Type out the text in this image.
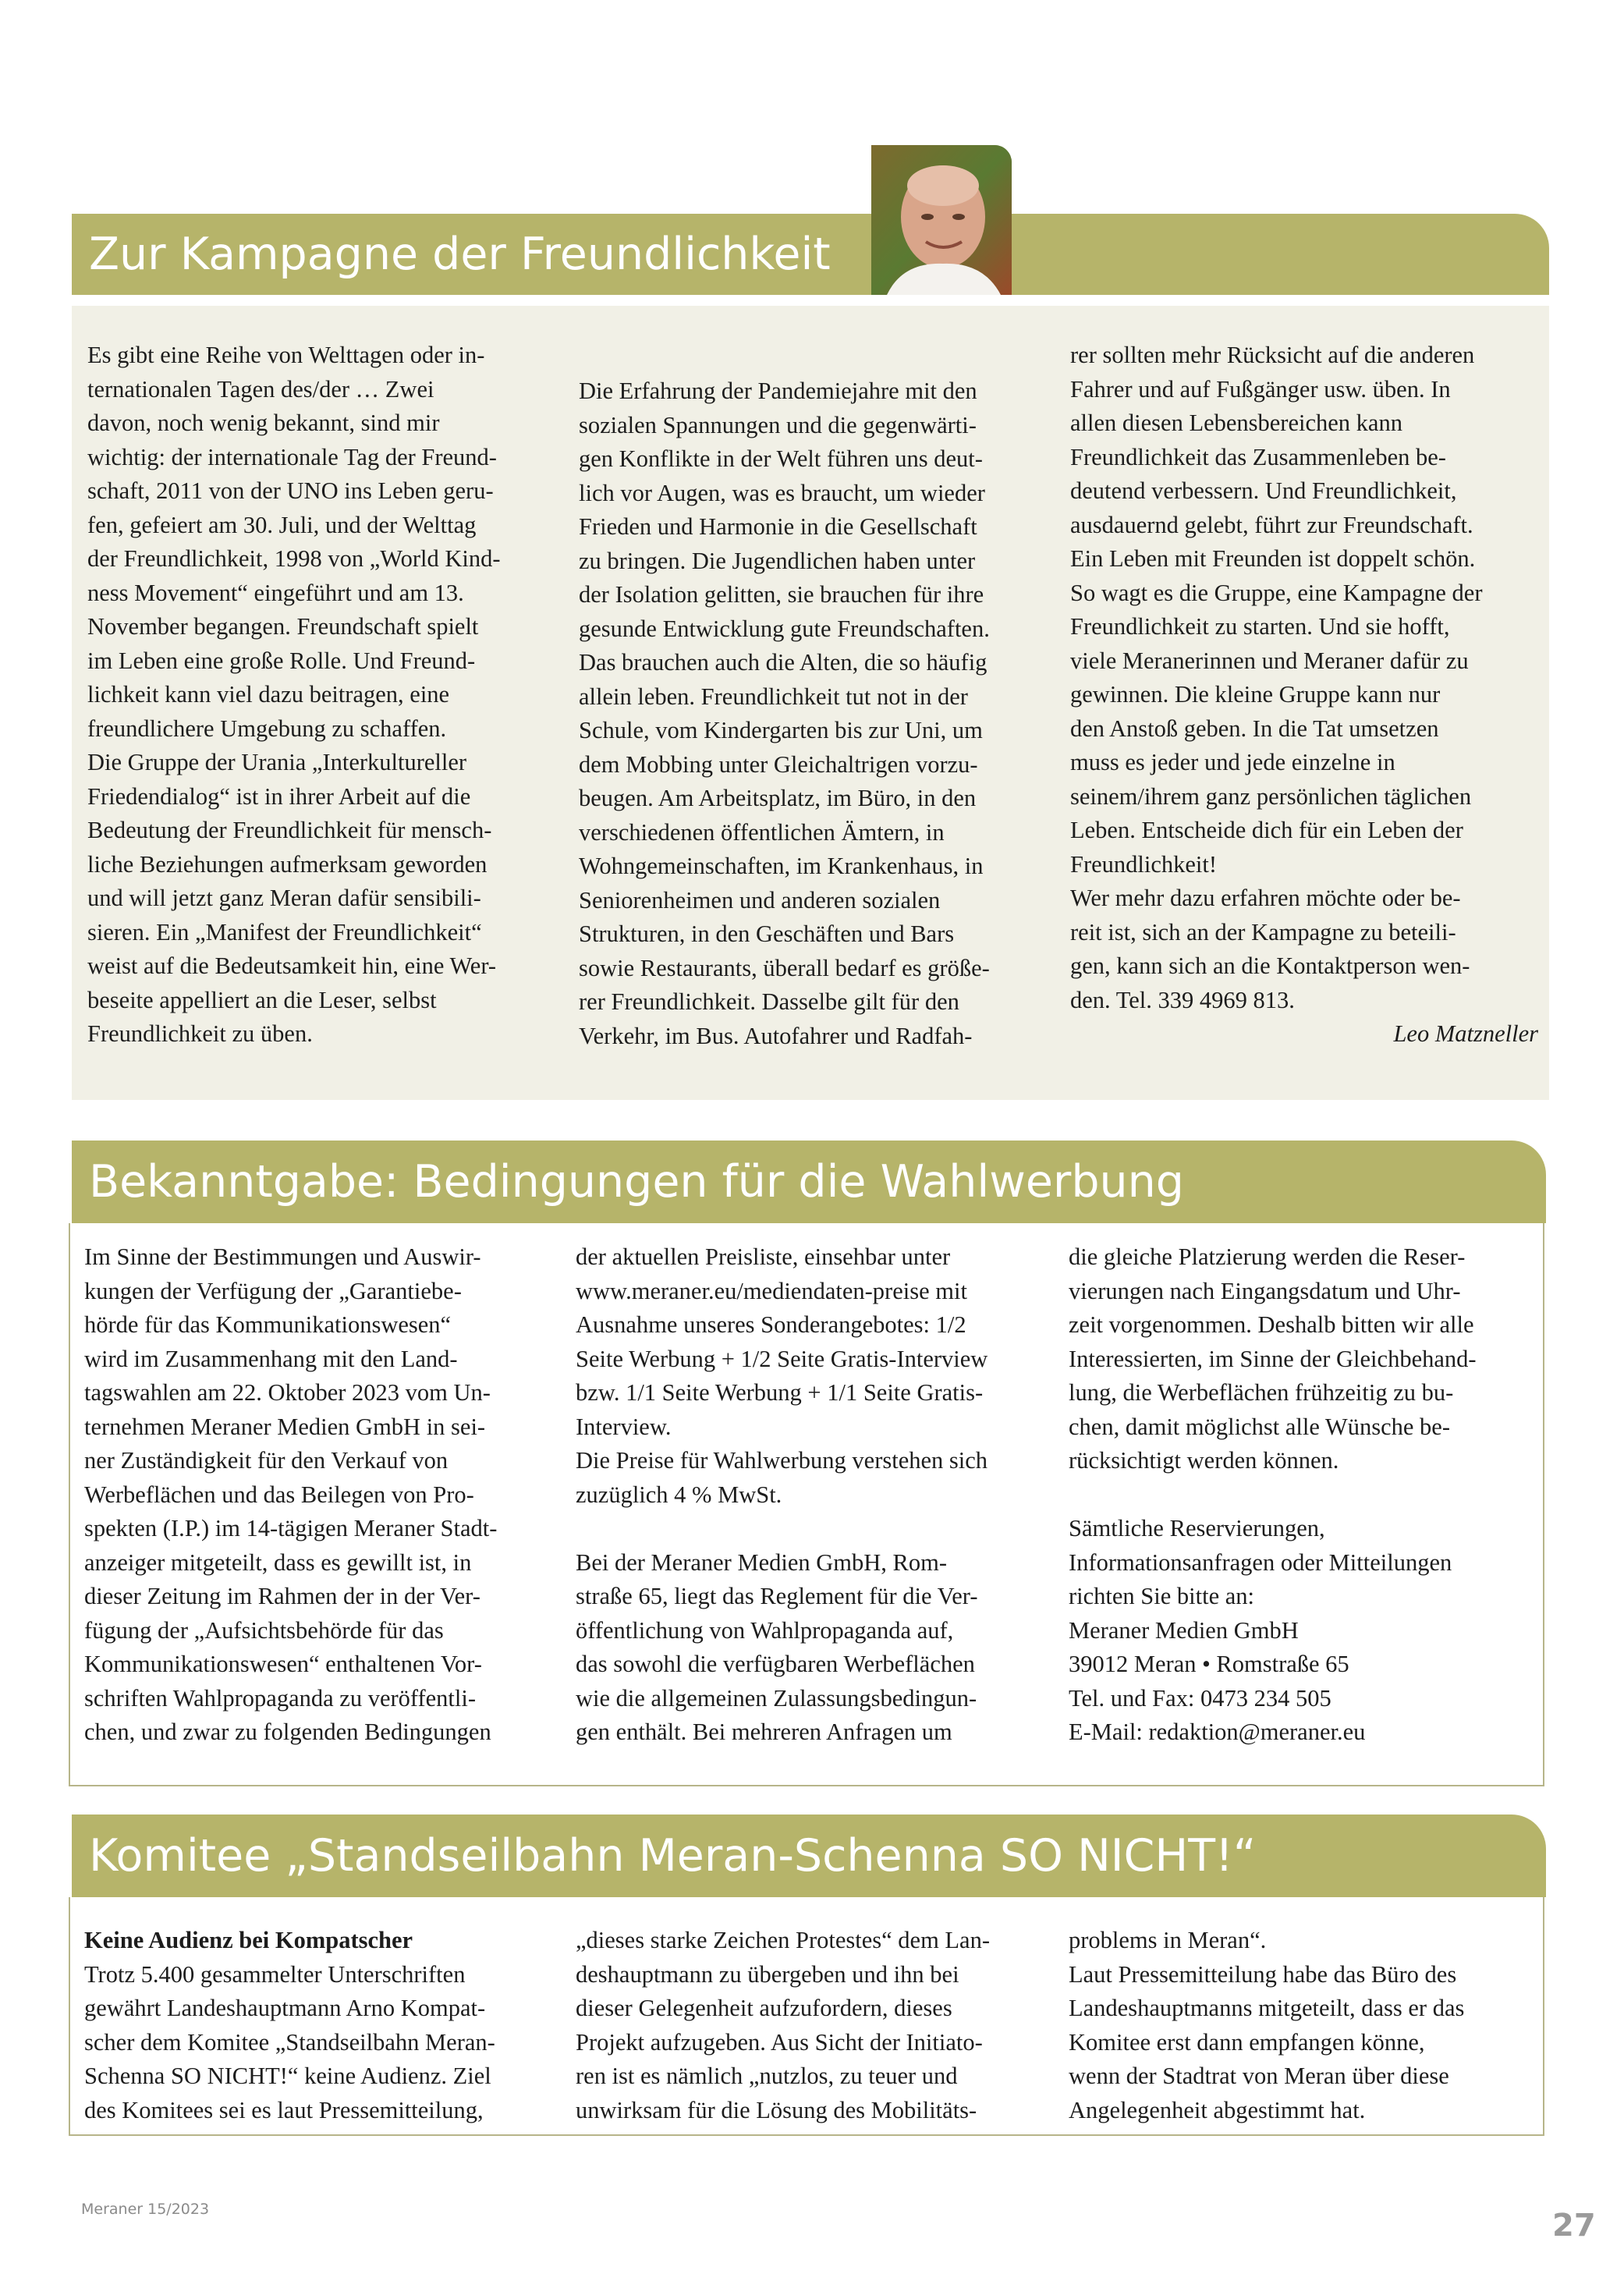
Zur Kampagne der Freundlichkeit

Es gibt eine Reihe von Welttagen oder in-

ternationalen Tagen des/der … Zwei

davon, noch wenig bekannt, sind mir

wichtig: der internationale Tag der Freund-

schaft, 2011 von der UNO ins Leben geru-

fen, gefeiert am 30. Juli, und der Welttag

der Freundlichkeit, 1998 von „World Kind-

ness Movement“ eingeführt und am 13.

November begangen. Freundschaft spielt

im Leben eine große Rolle. Und Freund-

lichkeit kann viel dazu beitragen, eine

freundlichere Umgebung zu schaffen.

Die Gruppe der Urania „Interkultureller

Friedendialog“ ist in ihrer Arbeit auf die

Bedeutung der Freundlichkeit für mensch-

liche Beziehungen aufmerksam geworden

und will jetzt ganz Meran dafür sensibili-

sieren. Ein „Manifest der Freundlichkeit“

weist auf die Bedeutsamkeit hin, eine Wer-

beseite appelliert an die Leser, selbst

Freundlichkeit zu üben.

Die Erfahrung der Pandemiejahre mit den

sozialen Spannungen und die gegenwärti-

gen Konflikte in der Welt führen uns deut-

lich vor Augen, was es braucht, um wieder

Frieden und Harmonie in die Gesellschaft

zu bringen. Die Jugendlichen haben unter

der Isolation gelitten, sie brauchen für ihre

gesunde Entwicklung gute Freundschaften.

Das brauchen auch die Alten, die so häufig

allein leben. Freundlichkeit tut not in der

Schule, vom Kindergarten bis zur Uni, um

dem Mobbing unter Gleichaltrigen vorzu-

beugen. Am Arbeitsplatz, im Büro, in den

verschiedenen öffentlichen Ämtern, in

Wohngemeinschaften, im Krankenhaus, in

Seniorenheimen und anderen sozialen

Strukturen, in den Geschäften und Bars

sowie Restaurants, überall bedarf es größe-

rer Freundlichkeit. Dasselbe gilt für den

Verkehr, im Bus. Autofahrer und Radfah-

rer sollten mehr Rücksicht auf die anderen

Fahrer und auf Fußgänger usw. üben. In

allen diesen Lebensbereichen kann

Freundlichkeit das Zusammenleben be-

deutend verbessern. Und Freundlichkeit,

ausdauernd gelebt, führt zur Freundschaft.

Ein Leben mit Freunden ist doppelt schön.

So wagt es die Gruppe, eine Kampagne der

Freundlichkeit zu starten. Und sie hofft,

viele Meranerinnen und Meraner dafür zu

gewinnen. Die kleine Gruppe kann nur

den Anstoß geben. In die Tat umsetzen

muss es jeder und jede einzelne in

seinem/ihrem ganz persönlichen täglichen

Leben. Entscheide dich für ein Leben der

Freundlichkeit!

Wer mehr dazu erfahren möchte oder be-

reit ist, sich an der Kampagne zu beteili-

gen, kann sich an die Kontaktperson wen-

den. Tel. 339 4969 813.

Leo Matzneller

Bekanntgabe: Bedingungen für die Wahlwerbung

Im Sinne der Bestimmungen und Auswir-

kungen der Verfügung der „Garantiebe-

hörde für das Kommunikationswesen“

wird im Zusammenhang mit den Land-

tagswahlen am 22. Oktober 2023 vom Un-

ternehmen Meraner Medien GmbH in sei-

ner Zuständigkeit für den Verkauf von

Werbeflächen und das Beilegen von Pro-

spekten (I.P.) im 14-tägigen Meraner Stadt-

anzeiger mitgeteilt, dass es gewillt ist, in

dieser Zeitung im Rahmen der in der Ver-

fügung der „Aufsichtsbehörde für das

Kommunikationswesen“ enthaltenen Vor-

schriften Wahlpropaganda zu veröffentli-

chen, und zwar zu folgenden Bedingungen

der aktuellen Preisliste, einsehbar unter

www.meraner.eu/mediendaten-preise mit

Ausnahme unseres Sonderangebotes: 1/2

Seite Werbung + 1/2 Seite Gratis-Interview

bzw. 1/1 Seite Werbung + 1/1 Seite Gratis-

Interview.

Die Preise für Wahlwerbung verstehen sich

zuzüglich 4 % MwSt.

Bei der Meraner Medien GmbH, Rom-

straße 65, liegt das Reglement für die Ver-

öffentlichung von Wahlpropaganda auf,

das sowohl die verfügbaren Werbeflächen

wie die allgemeinen Zulassungsbedingun-

gen enthält. Bei mehreren Anfragen um

die gleiche Platzierung werden die Reser-

vierungen nach Eingangsdatum und Uhr-

zeit vorgenommen. Deshalb bitten wir alle

Interessierten, im Sinne der Gleichbehand-

lung, die Werbeflächen frühzeitig zu bu-

chen, damit möglichst alle Wünsche be-

rücksichtigt werden können.

Sämtliche Reservierungen,

Informationsanfragen oder Mitteilungen

richten Sie bitte an:

Meraner Medien GmbH

39012 Meran • Romstraße 65

Tel. und Fax: 0473 234 505

E-Mail: redaktion@meraner.eu

Komitee „Standseilbahn Meran-Schenna SO NICHT!“

Keine Audienz bei Kompatscher

Trotz 5.400 gesammelter Unterschriften

gewährt Landeshauptmann Arno Kompat-

scher dem Komitee „Standseilbahn Meran-

Schenna SO NICHT!“ keine Audienz. Ziel

des Komitees sei es laut Pressemitteilung,

„dieses starke Zeichen Protestes“ dem Lan-

deshauptmann zu übergeben und ihn bei

dieser Gelegenheit aufzufordern, dieses

Projekt aufzugeben. Aus Sicht der Initiato-

ren ist es nämlich „nutzlos, zu teuer und

unwirksam für die Lösung des Mobilitäts-

problems in Meran“.

Laut Pressemitteilung habe das Büro des

Landeshauptmanns mitgeteilt, dass er das

Komitee erst dann empfangen könne,

wenn der Stadtrat von Meran über diese

Angelegenheit abgestimmt hat.

Meraner 15/2023	27
